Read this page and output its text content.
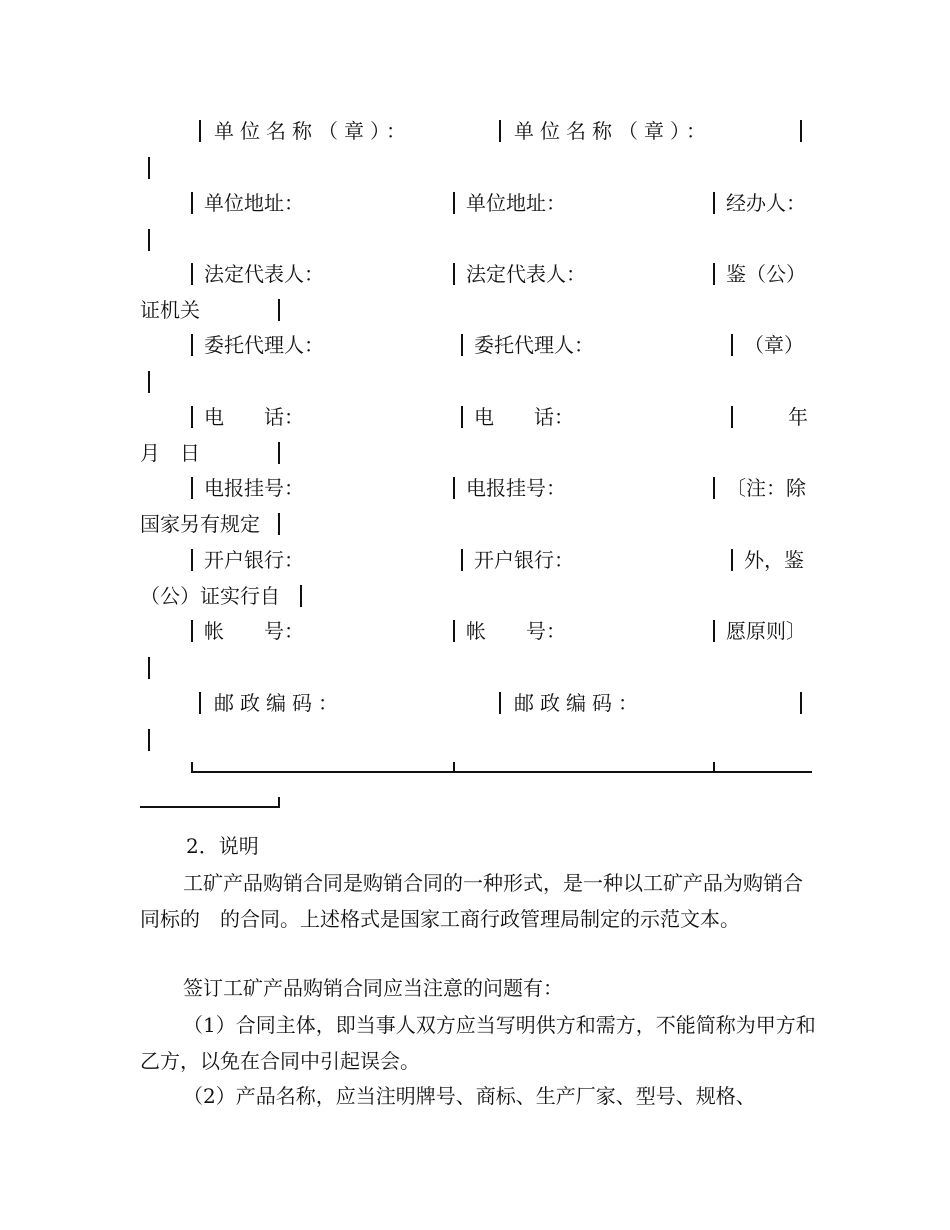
单位名称（章）：	单位名称（章）：
单位地址：	单位地址：	经办人：
法定代表人：	法定代表人：	鉴（公）
证机关
委托代理人：	委托代理人：	（章）
电　　话：	电　　话：	年
月　日
电报挂号：	电报挂号：	〔注：除
国家另有规定
开户银行：	开户银行：	外，鉴
（公）证实行自
帐　　号：	帐　　号：	愿原则〕
邮政编码：	邮政编码：
2．说明
工矿产品购销合同是购销合同的一种形式，是一种以工矿产品为购销合同标的　的合同。上述格式是国家工商行政管理局制定的示范文本。
签订工矿产品购销合同应当注意的问题有：
（1）合同主体，即当事人双方应当写明供方和需方，不能简称为甲方和乙方，以免在合同中引起误会。
（2）产品名称，应当注明牌号、商标、生产厂家、型号、规格、
